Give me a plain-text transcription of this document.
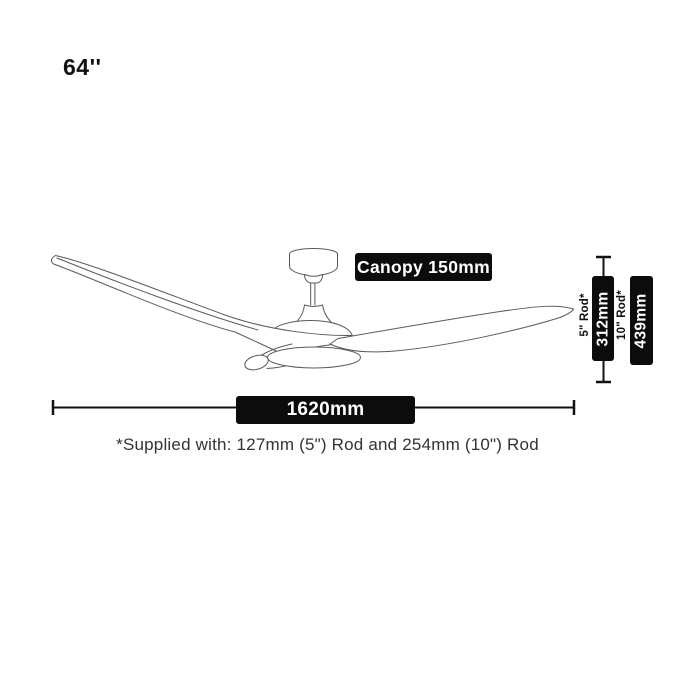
64''
Canopy 150mm
5" Rod* 312mm 10" Rod* 439mm
1620mm
*Supplied with: 127mm (5") Rod and 254mm (10") Rod
